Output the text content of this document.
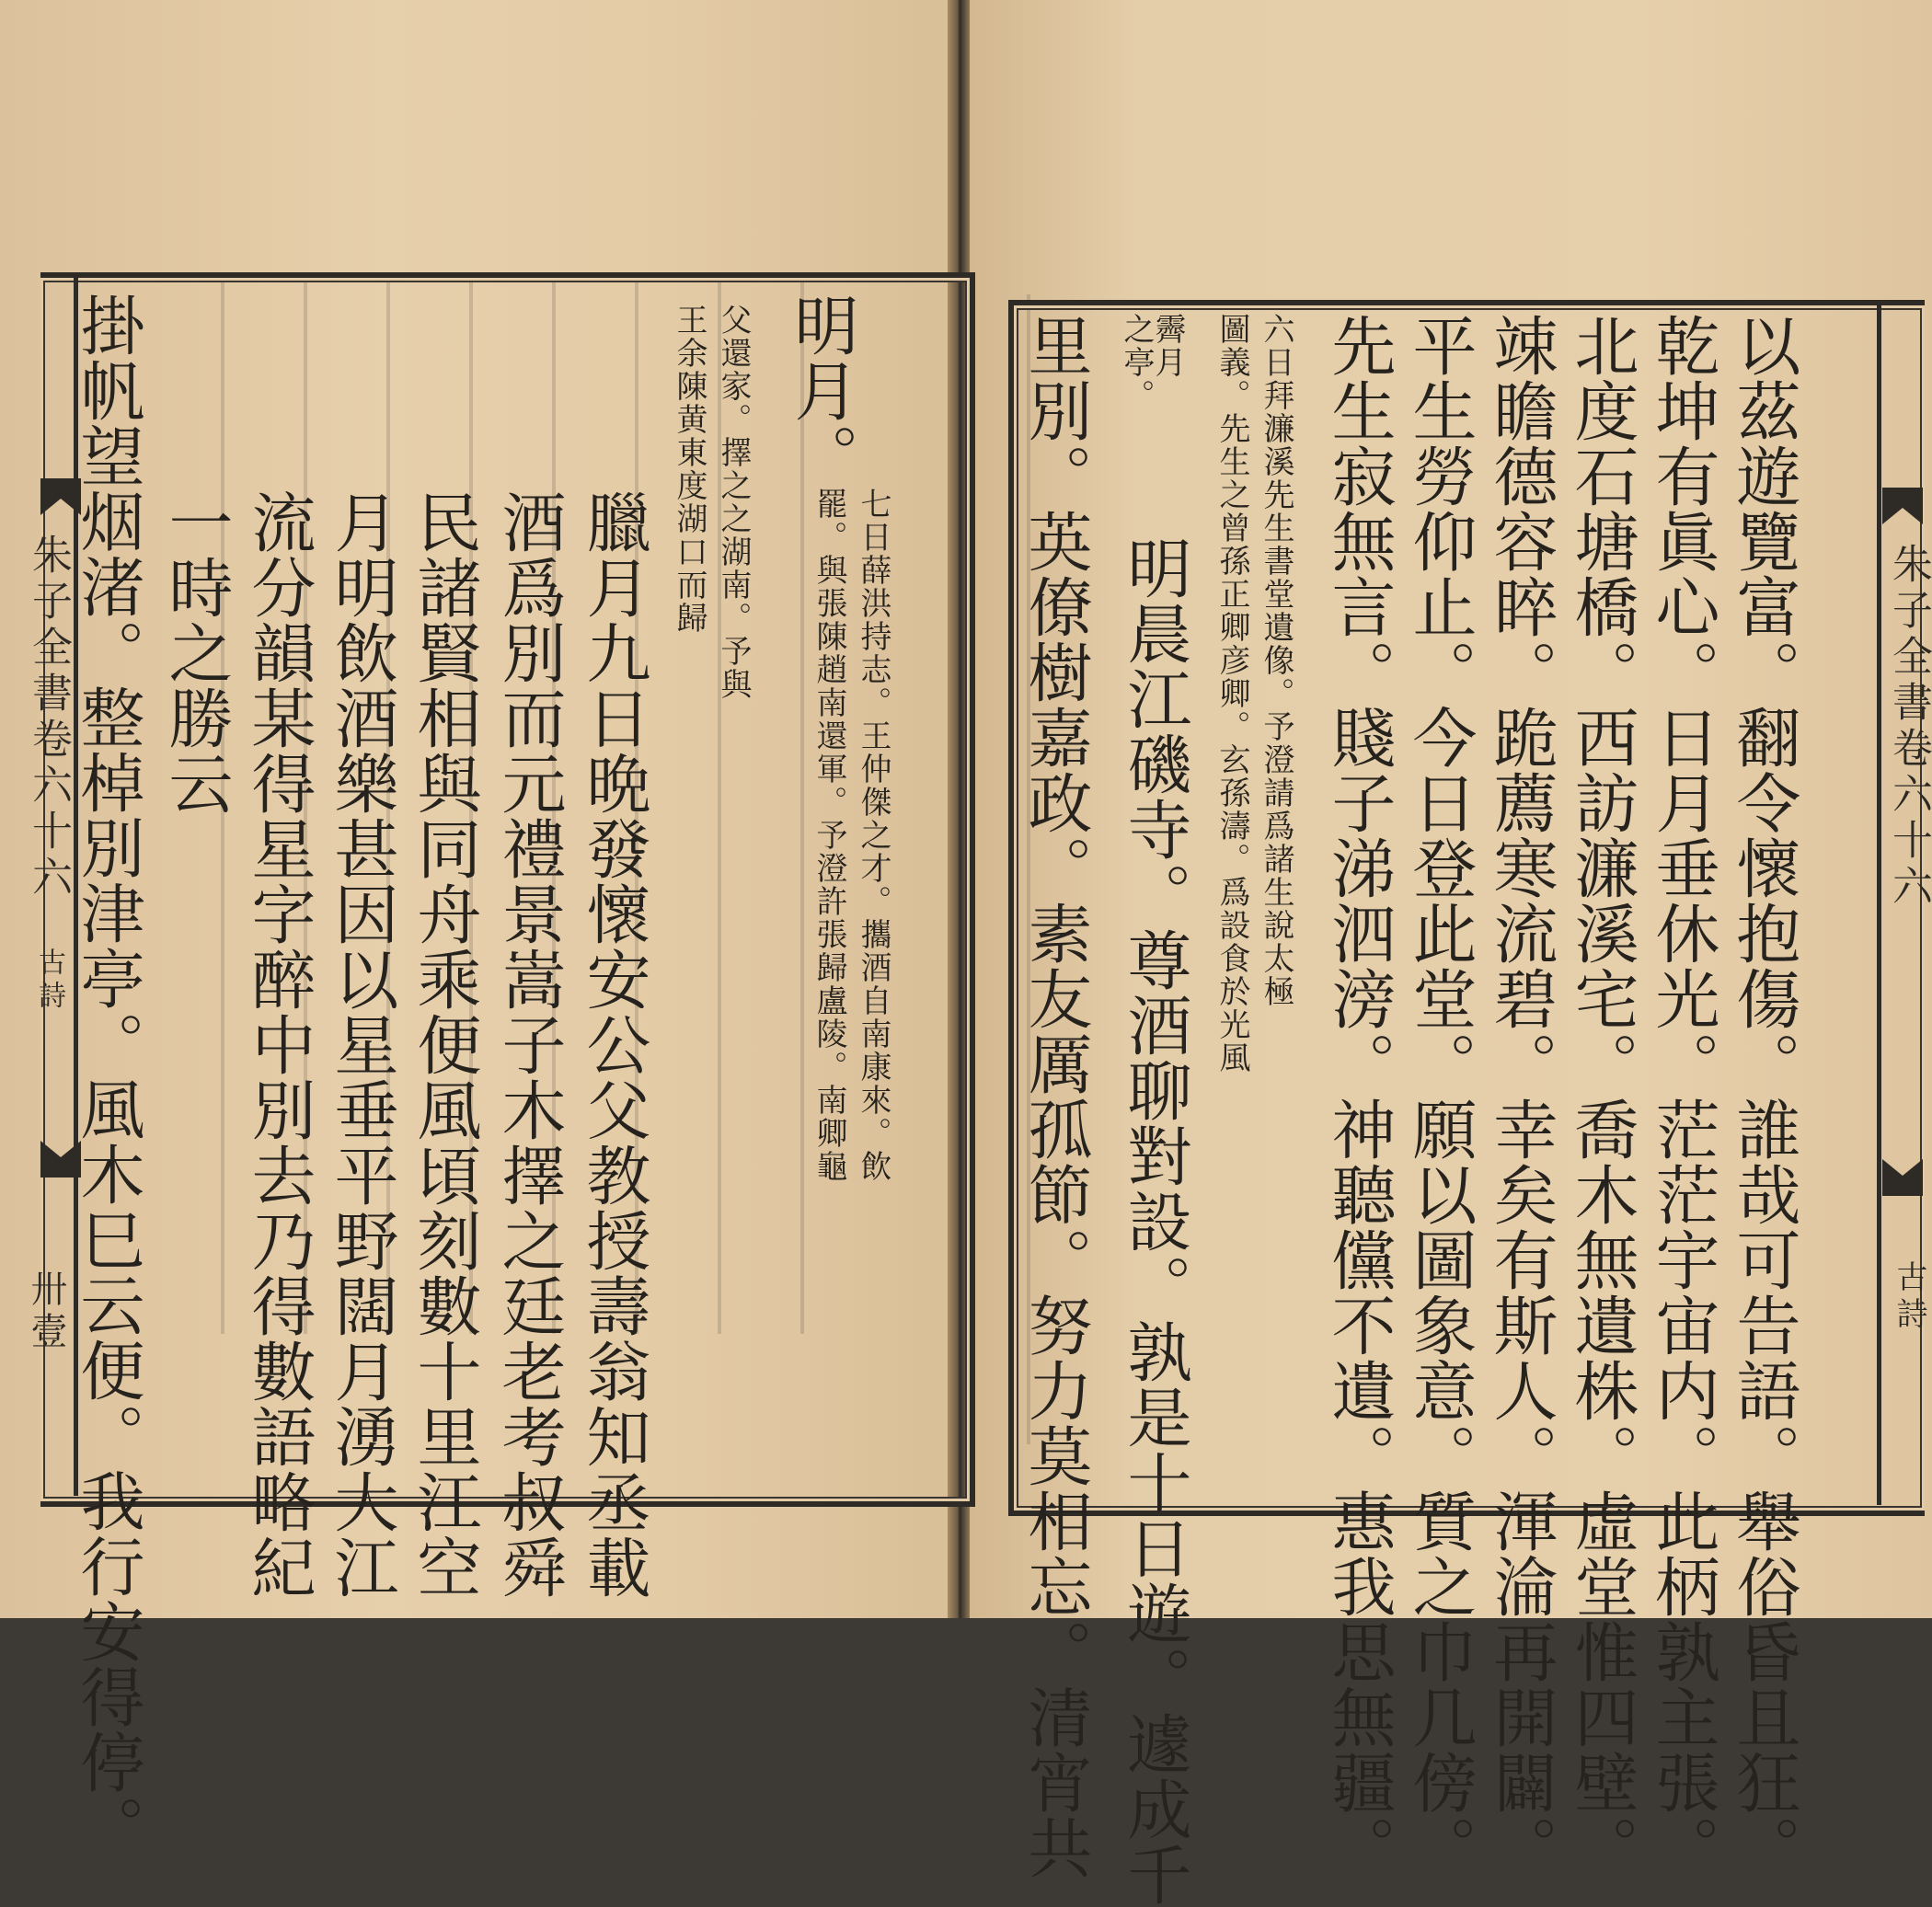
朱子全書卷六十六
古詩
卅壹 掛帆望烟渚。整棹別津亭。風木巳云便。我行安得停。 一時之勝云 流分韻某得星字醉中別去乃得數語略紀 月明飲酒樂甚因以星垂平野闊月湧大江 民諸賢相與同舟乘便風頃刻數十里江空 酒爲別而元禮景嵩子木擇之廷老考叔舜 臘月九日晩發懷安公父教授壽翁知丞載
王余陳黄東度湖口而歸 父還家。擇之之湖南。予與 明月。
罷。與張陳趙南還軍。予澄許張歸盧陵。南卿龜 七日薛洪持志。王仲傑之才。攜酒自南康來。飲	朱子全書卷六十六
古詩
里別。英僚樹嘉政。素友厲孤節。努力莫相忘。清宵共 明晨江磯寺。尊酒聊對設。孰是十日遊。遽成千
之亭。
霽月 圖義。先生之曾孫正卿彦卿。玄孫濤。爲設食於光風 六日拜濂溪先生書堂遺像。予澄請爲諸生說太極 先生寂無言。賤子涕泗滂。神聽儻不遺。惠我思無疆。 平生勞仰止。今日登此堂。願以圖象意。質之巾几傍。 竦瞻德容睟。跪薦寒流碧。幸矣有斯人。渾淪再開闢。 北度石塘橋。西訪濂溪宅。喬木無遺株。虛堂惟四壁。 乾坤有眞心。日月垂休光。茫茫宇宙内。此柄孰主張。 以茲遊覽富。翻令懷抱傷。誰哉可告語。舉俗昏且狂。
